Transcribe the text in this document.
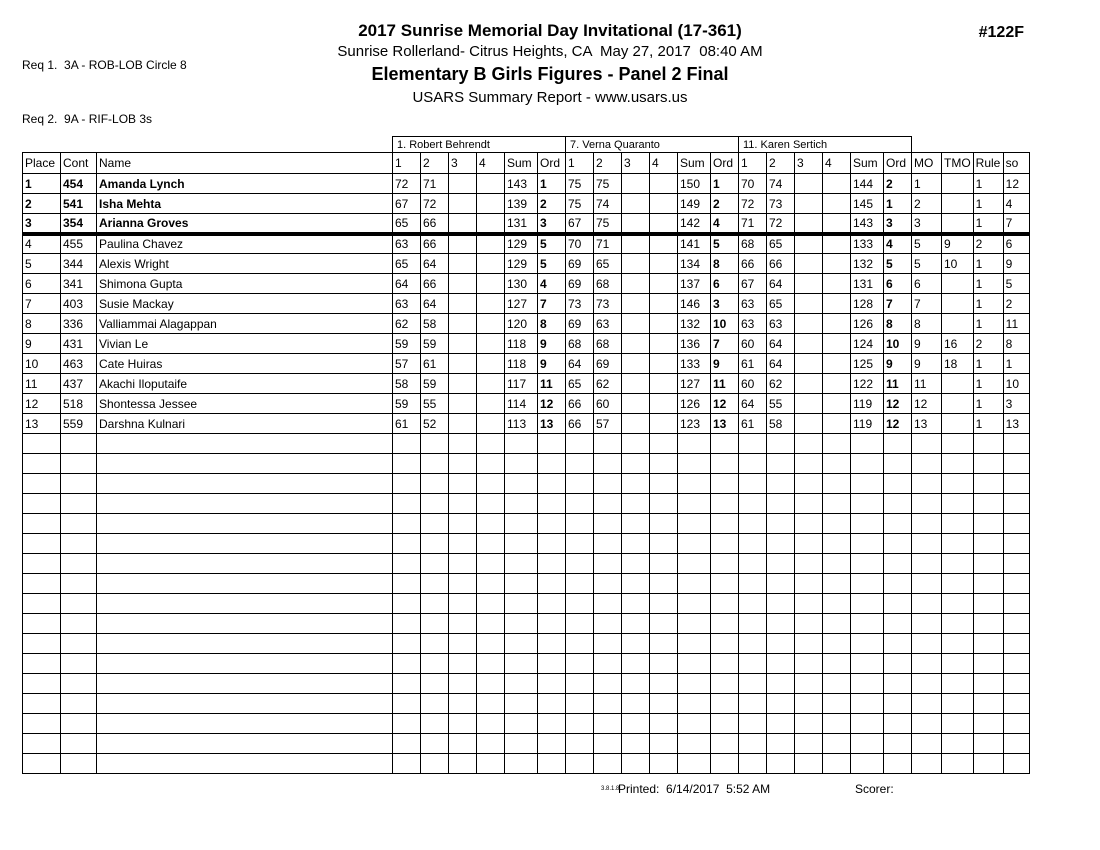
Req 1.  3A - ROB-LOB Circle 8

Req 2.  9A - RIF-LOB 3s

2017 Sunrise Memorial Day Invitational (17-361)
Sunrise Rollerland- Citrus Heights, CA  May 27, 2017  08:40 AM
Elementary B Girls Figures - Panel 2 Final
USARS Summary Report - www.usars.us
#122F
			1. Robert Behrendt						7. Verna Quaranto						11. Karen Sertich									
Place	Cont	Name	1	2	3	4	Sum	Ord	1	2	3	4	Sum	Ord	1	2	3	4	Sum	Ord	MO	TMO	Rule	so
1	454	Amanda Lynch	72	71			143	1	75	75			150	1	70	74			144	2	1		1	12
2	541	Isha Mehta	67	72			139	2	75	74			149	2	72	73			145	1	2		1	4
3	354	Arianna Groves	65	66			131	3	67	75			142	4	71	72			143	3	3		1	7
4	455	Paulina Chavez	63	66			129	5	70	71			141	5	68	65			133	4	5	9	2	6
5	344	Alexis Wright	65	64			129	5	69	65			134	8	66	66			132	5	5	10	1	9
6	341	Shimona Gupta	64	66			130	4	69	68			137	6	67	64			131	6	6		1	5
7	403	Susie Mackay	63	64			127	7	73	73			146	3	63	65			128	7	7		1	2
8	336	Valliammai Alagappan	62	58			120	8	69	63			132	10	63	63			126	8	8		1	11
9	431	Vivian Le	59	59			118	9	68	68			136	7	60	64			124	10	9	16	2	8
10	463	Cate Huiras	57	61			118	9	64	69			133	9	61	64			125	9	9	18	1	1
11	437	Akachi Iloputaife	58	59			117	11	65	62			127	11	60	62			122	11	11		1	10
12	518	Shontessa Jessee	59	55			114	12	66	60			126	12	64	55			119	12	12		1	3
13	559	Darshna Kulnari	61	52			113	13	66	57			123	13	61	58			119	12	13		1	13

3.8.1.8
Printed:  6/14/2017  5:52 AM	Scorer:
